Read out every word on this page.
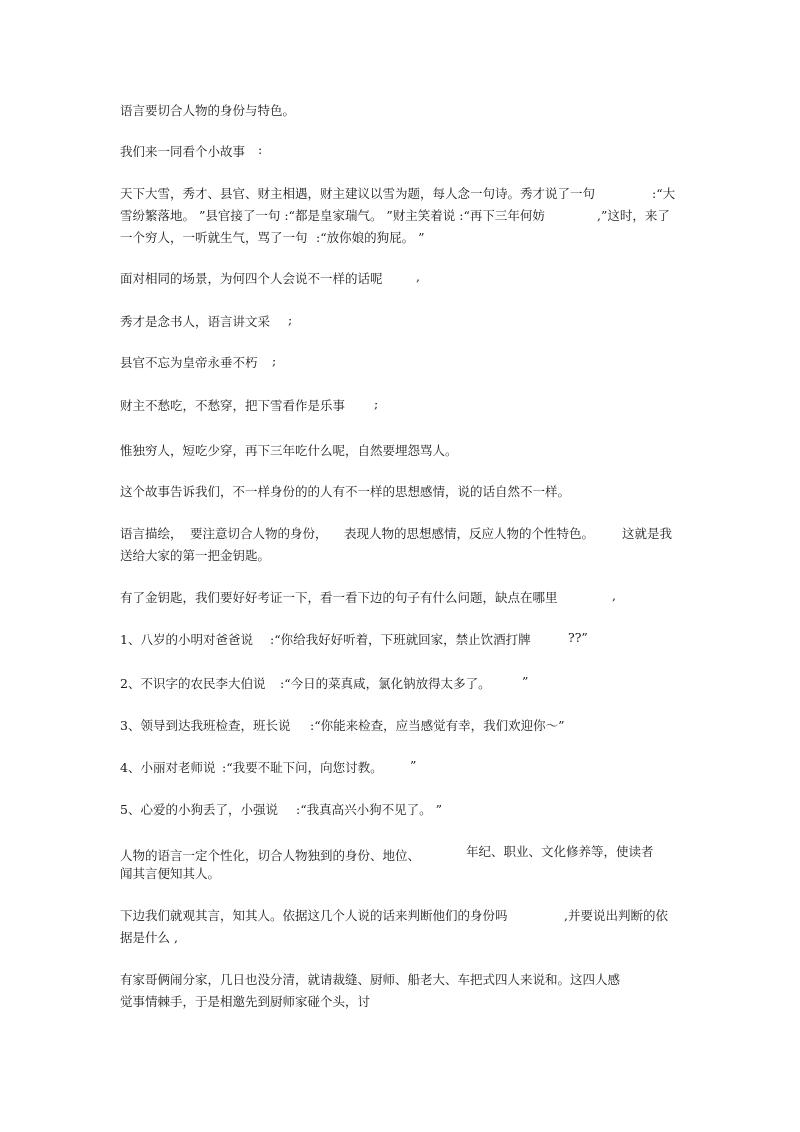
语言要切合人物的身份与特色。
我们来一同看个小故事 :
天下大雪，秀才、县官、财主相遇，财主建议以雪为题，每人念一句诗。秀才说了一句	:“大
雪纷繁落地。 ”县官接了一句 :“都是皇家瑞气。 ”财主笑着说 :“再下三年何妨	,”这时，来了
一个穷人，一听就生气，骂了一句 :“放你娘的狗屁。 ”
面对相同的场景，为何四个人会说不一样的话呢	,
秀才是念书人，语言讲文采 ;
县官不忘为皇帝永垂不朽 ;
财主不愁吃，不愁穿，把下雪看作是乐事 ;
惟独穷人，短吃少穿，再下三年吃什么呢，自然要埋怨骂人。
这个故事告诉我们，不一样身份的的人有不一样的思想感情，说的话自然不一样。
语言描绘， 要注意切合人物的身份， 表现人物的思想感情，反应人物的个性特色。 这就是我
送给大家的第一把金钥匙。
有了金钥匙，我们要好好考证一下，看一看下边的句子有什么问题，缺点在哪里	,
1、八岁的小明对爸爸说 :“你给我好好听着，下班就回家，禁止饮酒打牌	??”
2、不识字的农民李大伯说 :“今日的菜真咸，氯化钠放得太多了。	”
3、领导到达我班检查，班长说 :“你能来检查，应当感觉有幸，我们欢迎你～”
4、小丽对老师说 :“我要不耻下问，向您讨教。 ”
5、心爱的小狗丢了，小强说 :“我真高兴小狗不见了。 ”
人物的语言一定个性化，切合人物独到的身份、地位、	年纪、职业、文化修养等，使读者
闻其言便知其人。
下边我们就观其言，知其人。依据这几个人说的话来判断他们的身份吗	,并要说出判断的依
据是什么 ,
有家哥俩闹分家，几日也没分清，就请裁缝、厨师、船老大、车把式四人来说和。这四人感
觉事情棘手，于是相邀先到厨师家碰个头，讨
